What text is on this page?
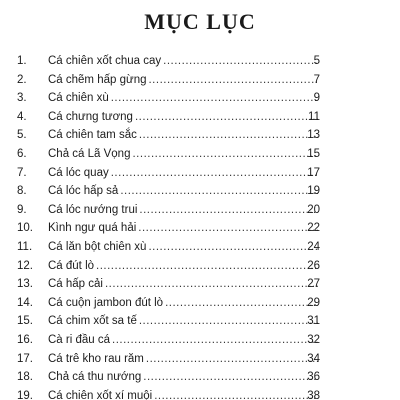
MỤC LỤC
1.	Cá chiên xốt chua cay .....	5
2.	Cá chẽm hấp gừng .....	7
3.	Cá chiên xù .....	9
4.	Cá chưng tương .....	11
5.	Cá chiên tam sắc .....	13
6.	Chả cá Lã Vọng .....	15
7.	Cá lóc quay .....	17
8.	Cá lóc hấp sả .....	19
9.	Cá lóc nướng trui .....	20
10.	Kình ngư quá hải .....	22
11.	Cá lăn bột chiên xù .....	24
12.	Cá đút lò .....	26
13.	Cá hấp cải .....	27
14.	Cá cuộn jambon đút lò .....	29
15.	Cá chim xốt sa tế .....	31
16.	Cà ri đầu cá .....	32
17.	Cá trê kho rau răm .....	34
18.	Chả cá thu nướng .....	36
19.	Cá chiên xốt xí muội .....	38
